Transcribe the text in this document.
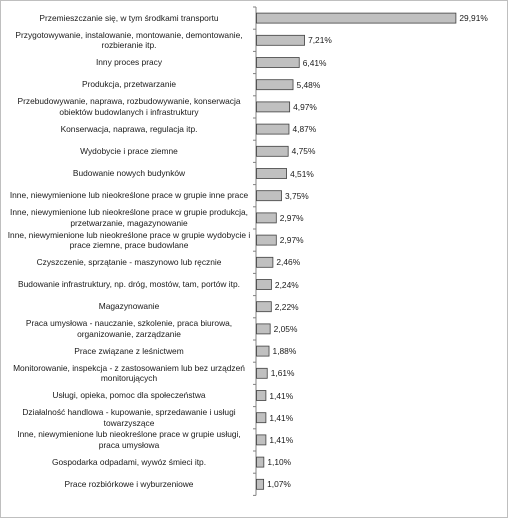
29,91%
Przemieszczanie się, w tym środkami transportu
7,21%
Przygotowywanie, instalowanie, montowanie, demontowanie, rozbieranie itp.
6,41%
Inny proces pracy
5,48%
Produkcja, przetwarzanie
4,97%
Przebudowywanie, naprawa, rozbudowywanie, konserwacja obiektów budowlanych i infrastruktury
4,87%
Konserwacja, naprawa, regulacja itp.
4,75%
Wydobycie i prace ziemne
4,51%
Budowanie nowych budynków
3,75%
Inne, niewymienione lub nieokreślone prace w grupie inne prace
2,97%
Inne, niewymienione lub nieokreślone prace w grupie produkcja, przetwarzanie, magazynowanie
2,97%
Inne, niewymienione lub nieokreślone prace w grupie wydobycie i prace ziemne, prace budowlane
2,46%
Czyszczenie, sprzątanie - maszynowo lub ręcznie
2,24%
Budowanie infrastruktury, np. dróg, mostów, tam, portów itp.
2,22%
Magazynowanie
2,05%
Praca umysłowa - nauczanie, szkolenie, praca biurowa, organizowanie, zarządzanie
1,88%
Prace związane z leśnictwem
1,61%
Monitorowanie, inspekcja - z zastosowaniem lub bez urządzeń monitorujących
1,41%
Usługi, opieka, pomoc dla społeczeństwa
1,41%
Działalność handlowa - kupowanie, sprzedawanie i usługi towarzyszące
1,41%
Inne, niewymienione lub nieokreślone prace w grupie usługi, praca umysłowa
1,10%
Gospodarka odpadami, wywóz śmieci itp.
1,07%
Prace rozbiórkowe i wyburzeniowe
